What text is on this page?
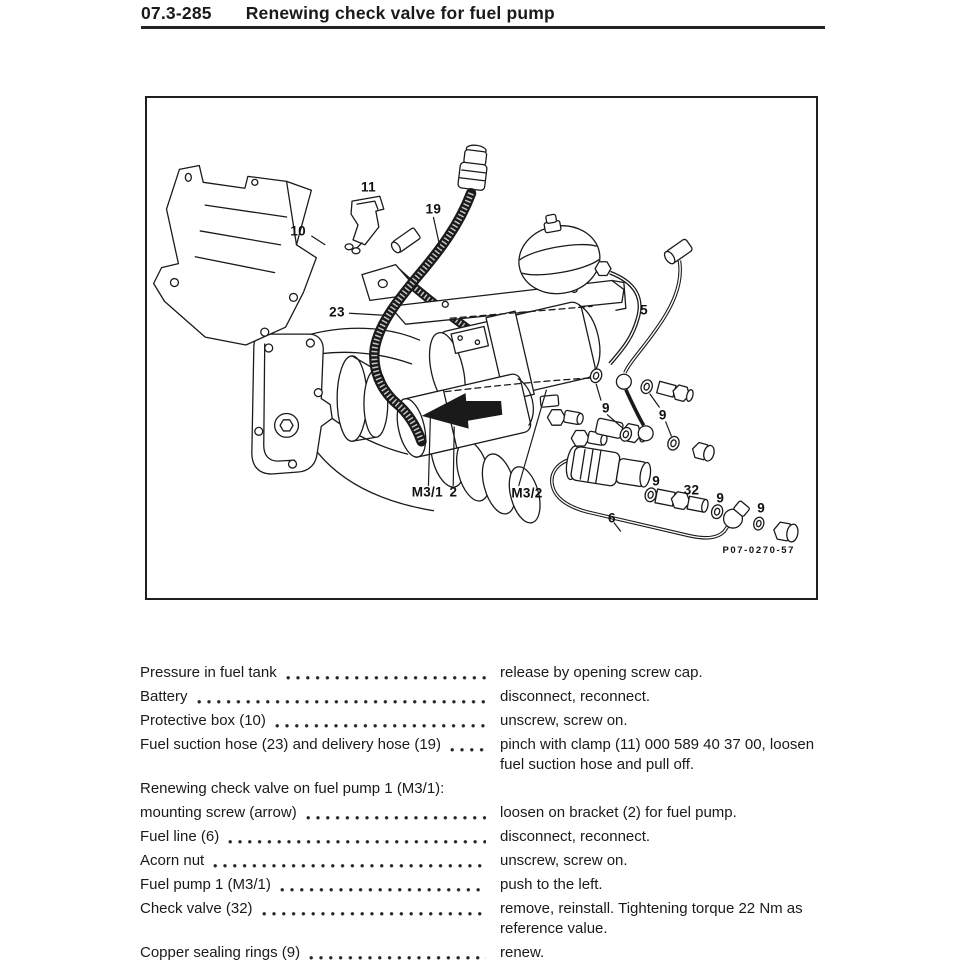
07.3-285 Renewing check valve for fuel pump
11
19
10
23	5
9	9
M3/1 2	M3/2
9
32
9
9
6
P07-0270-57
Pressure in fuel tank	release by opening screw cap.
Battery	disconnect, reconnect.
Protective box (10)	unscrew, screw on.
Fuel suction hose (23) and delivery hose (19)	pinch with clamp (11) 000 589 40 37 00, loosen fuel suction hose and pull off.
Renewing check valve on fuel pump 1 (M3/1):
mounting screw (arrow)	loosen on bracket (2) for fuel pump.
Fuel line (6)	disconnect, reconnect.
Acorn nut	unscrew, screw on.
Fuel pump 1 (M3/1)	push to the left.
Check valve (32)	remove, reinstall. Tightening torque 22 Nm as reference value.
Copper sealing rings (9)	renew.
